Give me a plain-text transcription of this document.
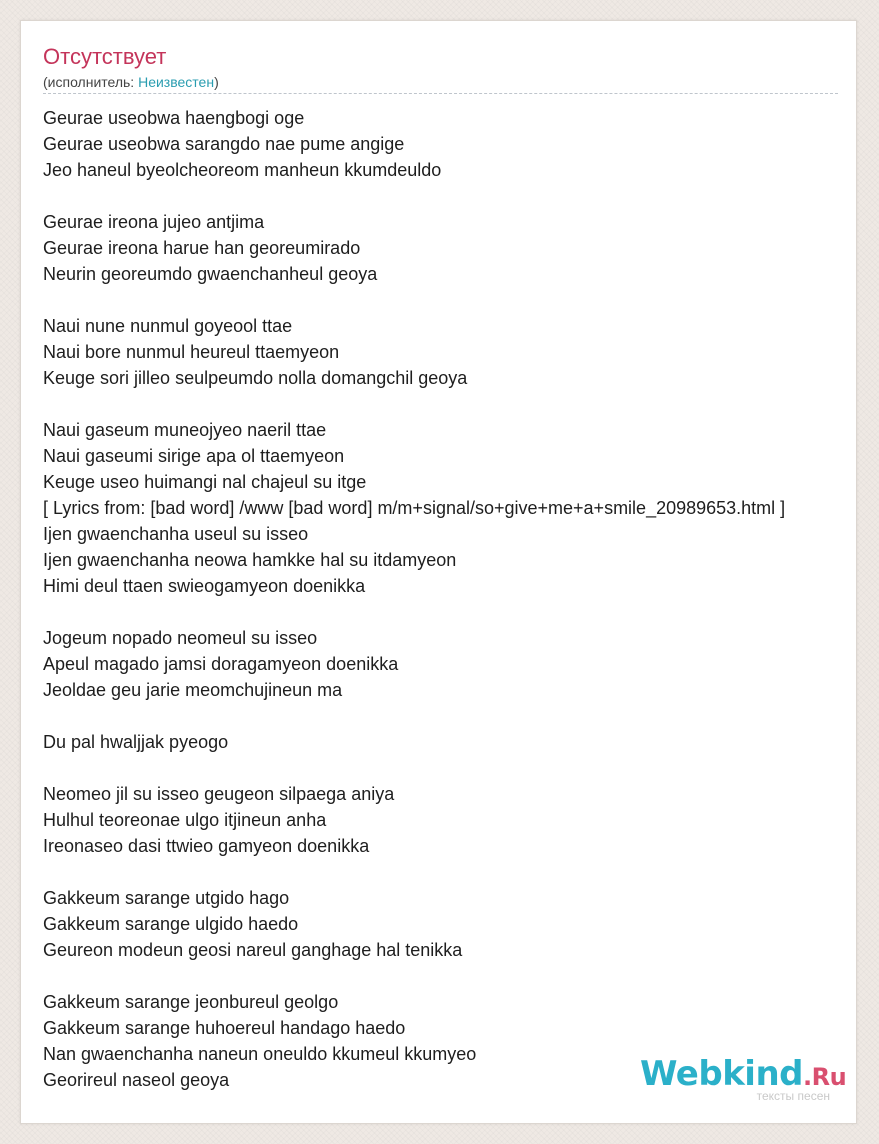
Отсутствует
(исполнитель: Неизвестен)
Geurae useobwa haengbogi oge
Geurae useobwa sarangdo nae pume angige
Jeo haneul byeolcheoreom manheun kkumdeuldo
Geurae ireona jujeo antjima
Geurae ireona harue han georeumirado
Neurin georeumdo gwaenchanheul geoya
Naui nune nunmul goyeool ttae
Naui bore nunmul heureul ttaemyeon
Keuge sori jilleo seulpeumdo nolla domangchil geoya
Naui gaseum muneojyeo naeril ttae
Naui gaseumi sirige apa ol ttaemyeon
Keuge useo huimangi nal chajeul su itge
[ Lyrics from: [bad word] /www [bad word] m/m+signal/so+give+me+a+smile_20989653.html ]
Ijen gwaenchanha useul su isseo
Ijen gwaenchanha neowa hamkke hal su itdamyeon
Himi deul ttaen swieogamyeon doenikka
Jogeum nopado neomeul su isseo
Apeul magado jamsi doragamyeon doenikka
Jeoldae geu jarie meomchujineun ma
Du pal hwaljjak pyeogo
Neomeo jil su isseo geugeon silpaega aniya
Hulhul teoreonae ulgo itjineun anha
Ireonaseo dasi ttwieo gamyeon doenikka
Gakkeum sarange utgido hago
Gakkeum sarange ulgido haedo
Geureon modeun geosi nareul ganghage hal tenikka
Gakkeum sarange jeonbureul geolgo
Gakkeum sarange huhoereul handago haedo
Nan gwaenchanha naneun oneuldo kkumeul kkumyeo
Georireul naseol geoya	Webkind.Ru
тексты песен
